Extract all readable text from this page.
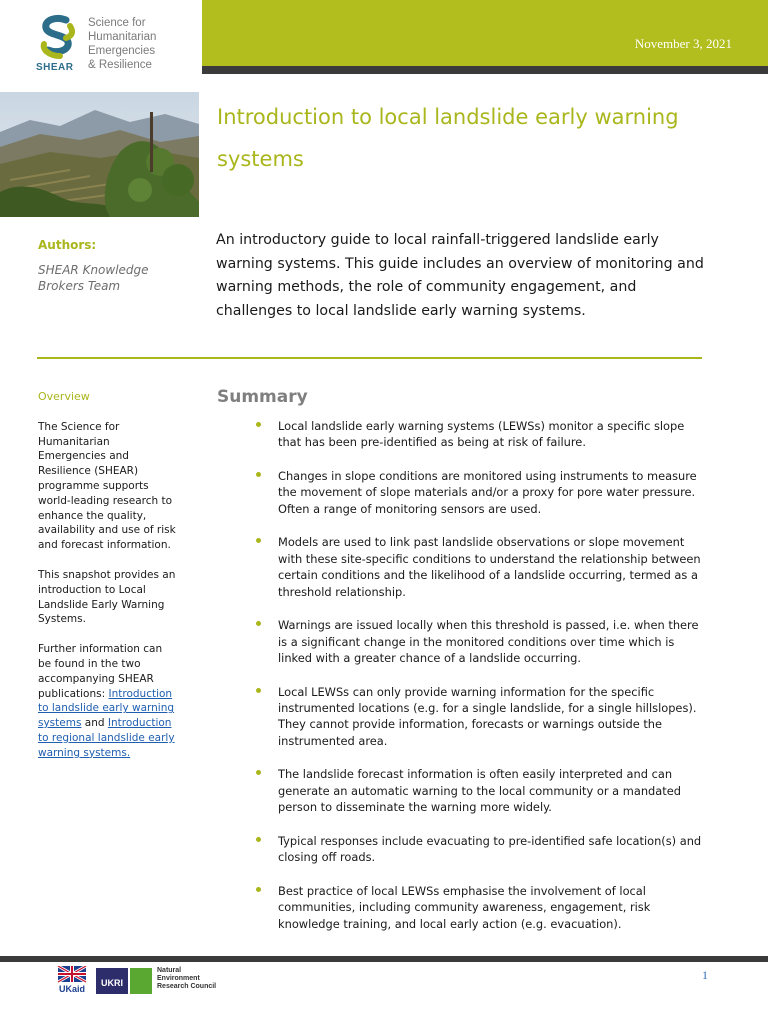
SHEAR
Science for
Humanitarian
Emergencies
& Resilience
November 3, 2021
Introduction to local landslide early warning systems
Authors:
SHEAR Knowledge Brokers Team
An introductory guide to local rainfall-triggered landslide early warning systems. This guide includes an overview of monitoring and warning methods, the role of community engagement, and challenges to local landslide early warning systems.
Overview
The Science for Humanitarian Emergencies and Resilience (SHEAR) programme supports world-leading research to enhance the quality, availability and use of risk and forecast information.
This snapshot provides an introduction to Local Landslide Early Warning Systems.
Further information can be found in the two accompanying SHEAR publications: Introduction to landslide early warning systems and Introduction to regional landslide early warning systems.
Summary
Local landslide early warning systems (LEWSs) monitor a specific slope that has been pre-identified as being at risk of failure.
Changes in slope conditions are monitored using instruments to measure the movement of slope materials and/or a proxy for pore water pressure. Often a range of monitoring sensors are used.
Models are used to link past landslide observations or slope movement with these site-specific conditions to understand the relationship between certain conditions and the likelihood of a landslide occurring, termed as a threshold relationship.
Warnings are issued locally when this threshold is passed, i.e. when there is a significant change in the monitored conditions over time which is linked with a greater chance of a landslide occurring.
Local LEWSs can only provide warning information for the specific instrumented locations (e.g. for a single landslide, for a single hillslopes). They cannot provide information, forecasts or warnings outside the instrumented area.
The landslide forecast information is often easily interpreted and can generate an automatic warning to the local community or a mandated person to disseminate the warning more widely.
Typical responses include evacuating to pre-identified safe location(s) and closing off roads.
Best practice of local LEWSs emphasise the involvement of local communities, including community awareness, engagement, risk knowledge training, and local early action (e.g. evacuation).
UKaid
UKRI
Natural
Environment
Research Council
1
